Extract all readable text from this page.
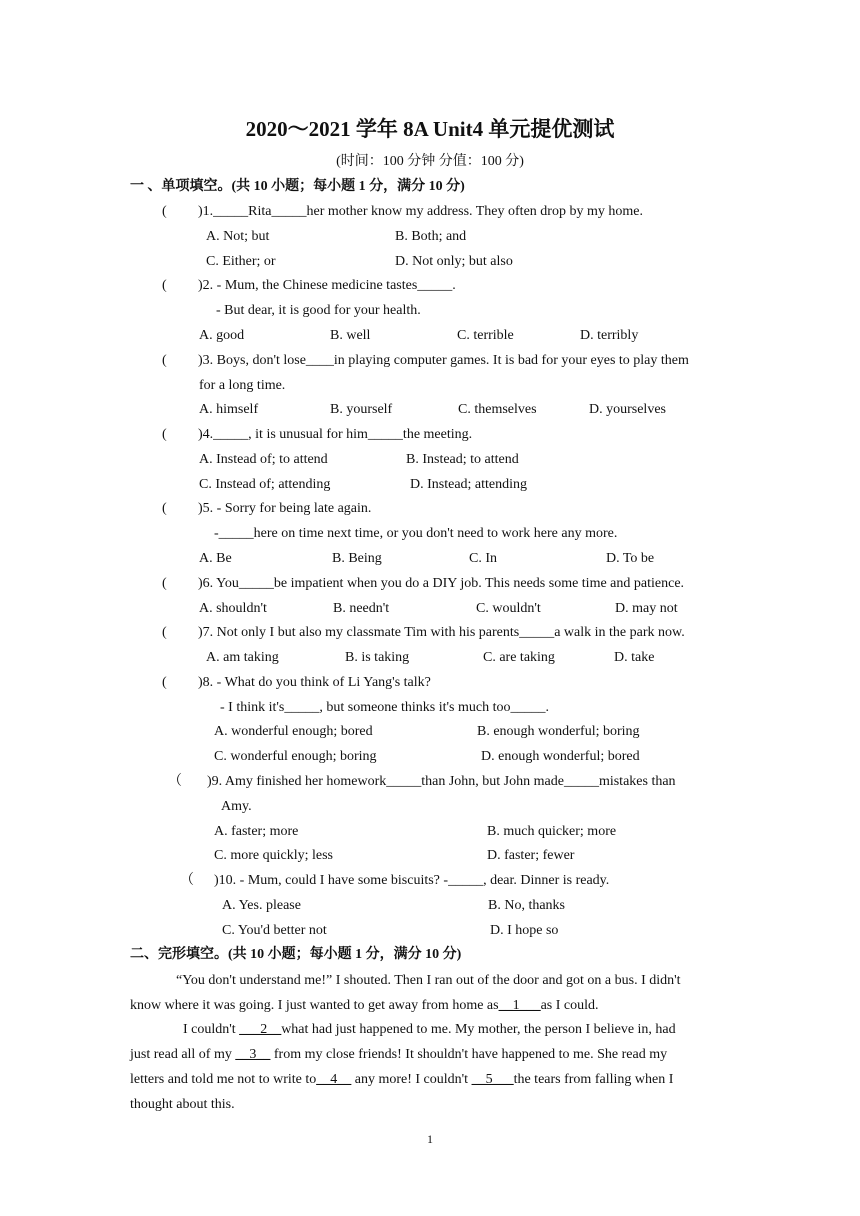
2020～2021 学年 8A Unit4 单元提优测试
(时间：100 分钟 分值：100 分)
一 、单项填空。(共 10 小题；每小题 1 分，满分 10 分)
( )1._____Rita_____her mother know my address. They often drop by my home.
A. Not; but	B. Both; and
C. Either; or	D. Not only; but also
( )2. - Mum, the Chinese medicine tastes_____.
- But dear, it is good for your health.
A. good	B. well	C. terrible	D. terribly
( )3. Boys, don't lose____in playing computer games. It is bad for your eyes to play them
for a long time.
A. himself	B. yourself	C. themselves	D. yourselves
( )4._____, it is unusual for him_____the meeting.
A. Instead of; to attend	B. Instead; to attend
C. Instead of; attending	D. Instead; attending
( )5. - Sorry for being late again.
-_____here on time next time, or you don't need to work here any more.
A. Be	B. Being	C. In	D. To be
( )6. You_____be impatient when you do a DIY job. This needs some time and patience.
A. shouldn't	B. needn't	C. wouldn't	D. may not
( )7. Not only I but also my classmate Tim with his parents_____a walk in the park now.
A. am taking	B. is taking	C. are taking	D. take
( )8. - What do you think of Li Yang's talk?
- I think it's_____, but someone thinks it's much too_____.
A. wonderful enough; bored	B. enough wonderful; boring
C. wonderful enough; boring	D. enough wonderful; bored
（ )9. Amy finished her homework_____than John, but John made_____mistakes than
Amy.
A. faster; more	B. much quicker; more
C. more quickly; less	D. faster; fewer
（ )10. - Mum, could I have some biscuits? -_____, dear. Dinner is ready.
A. Yes. please	B. No, thanks
C. You'd better not	D. I hope so
二、完形填空。(共 10 小题；每小题 1 分，满分 10 分)
“You don't understand me!” I shouted. Then I ran out of the door and got on a bus. I didn't
know where it was going. I just wanted to get away from home as__1___as I could.
I couldn't ___2__what had just happened to me. My mother, the person I believe in, had
just read all of my __3__ from my close friends! It shouldn't have happened to me. She read my
letters and told me not to write to__4__ any more! I couldn't __5___the tears from falling when I
thought about this.
1
